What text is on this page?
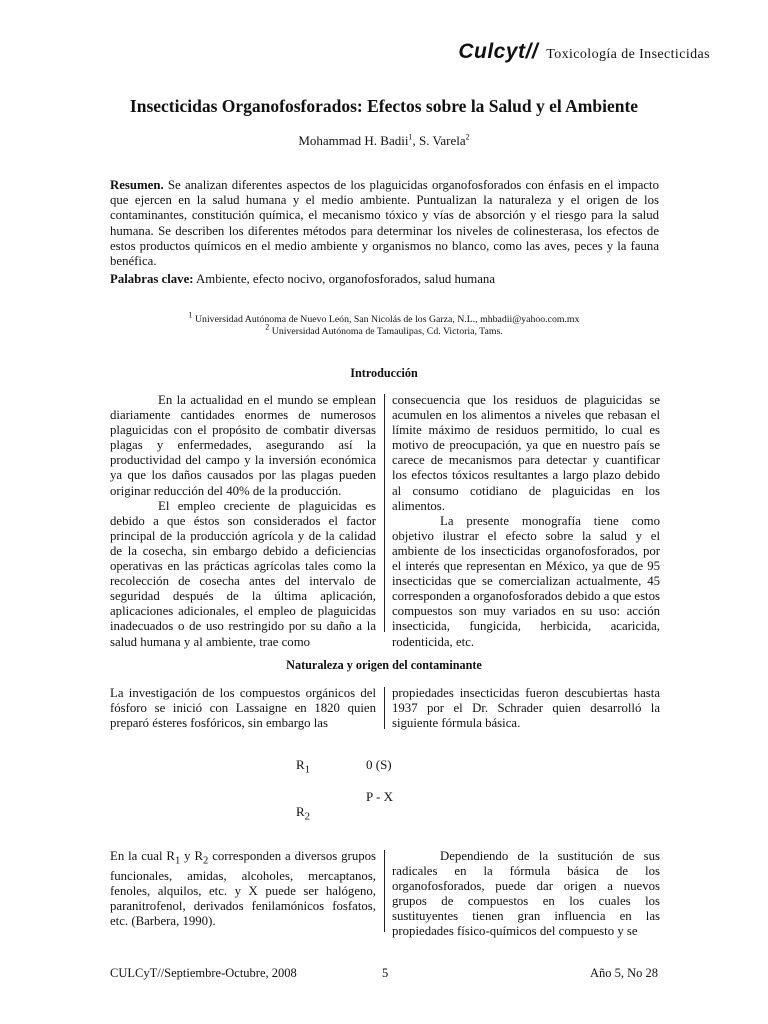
Culcyt// Toxicología de Insecticidas
Insecticidas Organofosforados: Efectos sobre la Salud y el Ambiente
Mohammad H. Badii$^1$, S. Varela$^2$
Resumen. Se analizan diferentes aspectos de los plaguicidas organofosforados con énfasis en el impacto que ejercen en la salud humana y el medio ambiente. Puntualizan la naturaleza y el origen de los contaminantes, constitución química, el mecanismo tóxico y vías de absorción y el riesgo para la salud humana. Se describen los diferentes métodos para determinar los niveles de colinesterasa, los efectos de estos productos químicos en el medio ambiente y organismos no blanco, como las aves, peces y la fauna benéfica.
Palabras clave: Ambiente, efecto nocivo, organofosforados, salud humana
$^1$ Universidad Autónoma de Nuevo León, San Nicolás de los Garza, N.L., mhbadii@yahoo.com.mx
$^2$ Universidad Autónoma de Tamaulipas, Cd. Victoria, Tams.
Introducción

En la actualidad en el mundo se emplean diariamente cantidades enormes de numerosos plaguicidas con el propósito de combatir diversas plagas y enfermedades, asegurando así la productividad del campo y la inversión económica ya que los daños causados por las plagas pueden originar reducción del 40% de la producción.

El empleo creciente de plaguicidas es debido a que éstos son considerados el factor principal de la producción agrícola y de la calidad de la cosecha, sin embargo debido a deficiencias operativas en las prácticas agrícolas tales como la recolección de cosecha antes del intervalo de seguridad después de la última aplicación, aplicaciones adicionales, el empleo de plaguicidas inadecuados o de uso restringido por su daño a la salud humana y al ambiente, trae como

consecuencia que los residuos de plaguicidas se acumulen en los alimentos a niveles que rebasan el límite máximo de residuos permitido, lo cual es motivo de preocupación, ya que en nuestro país se carece de mecanismos para detectar y cuantificar los efectos tóxicos resultantes a largo plazo debido al consumo cotidiano de plaguicidas en los alimentos.

La presente monografía tiene como objetivo ilustrar el efecto sobre la salud y el ambiente de los insecticidas organofosforados, por el interés que representan en México, ya que de 95 insecticidas que se comercializan actualmente, 45 corresponden a organofosforados debido a que estos compuestos son muy variados en su uso: acción insecticida, fungicida, herbicida, acaricida, rodenticida, etc.

Naturaleza y origen del contaminante

La investigación de los compuestos orgánicos del fósforo se inició con Lassaigne en 1820 quien preparó ésteres fosfóricos, sin embargo las

propiedades insecticidas fueron descubiertas hasta 1937 por el Dr. Schrader quien desarrolló la siguiente fórmula básica.

$R_1$	0 (S)
P - X
$R_2$

En la cual $R_1$ y $R_2$ corresponden a diversos grupos funcionales, amidas, alcoholes, mercaptanos, fenoles, alquilos, etc. y X puede ser halógeno, paranitrofenol, derivados fenilamónicos fosfatos, etc. (Barbera, 1990).

Dependiendo de la sustitución de sus radicales en la fórmula básica de los organofosforados, puede dar origen a nuevos grupos de compuestos en los cuales los sustituyentes tienen gran influencia en las propiedades físico-químicos del compuesto y se

CULCyT//Septiembre-Octubre, 2008	5	Año 5, No 28
